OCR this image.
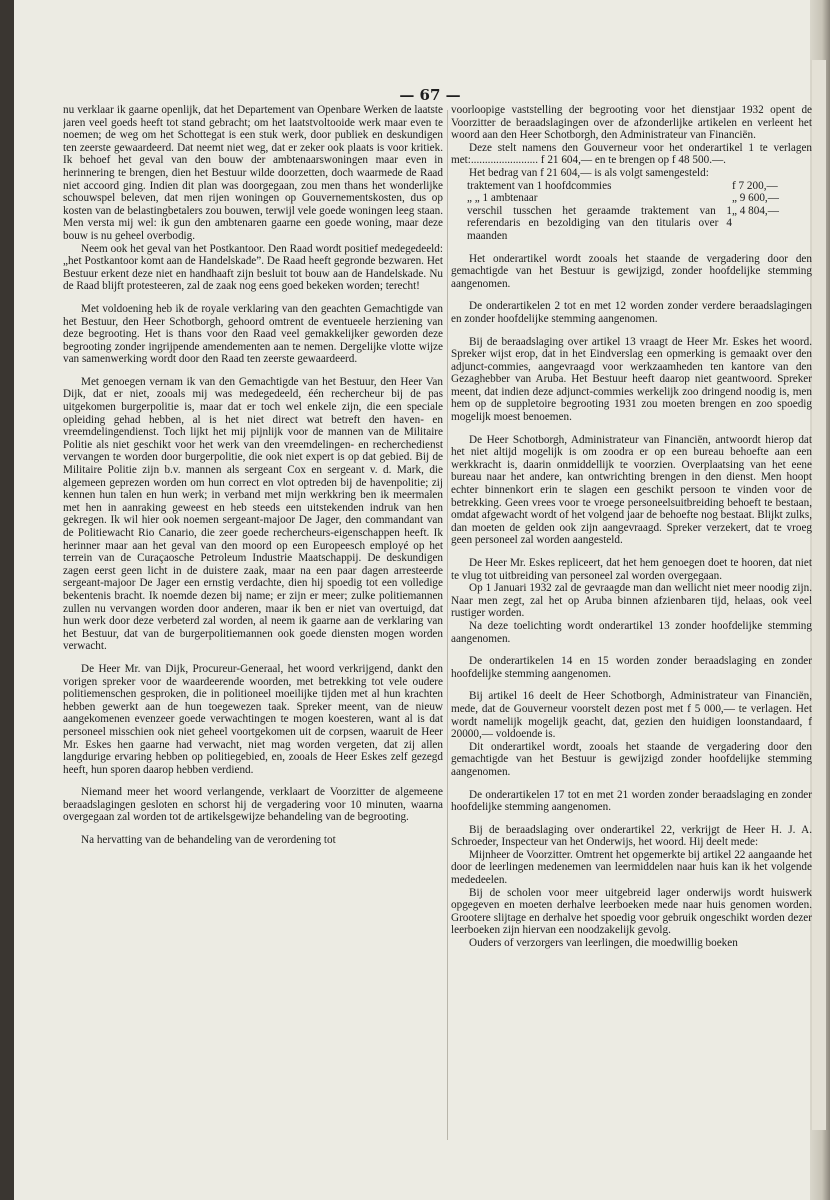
— 67 —

nu verklaar ik gaarne openlijk, dat het Departement van Openbare Werken de laatste jaren veel goeds heeft tot stand gebracht; om het laatstvoltooide werk maar even te noemen; de weg om het Schottegat is een stuk werk, door publiek en deskundigen ten zeerste gewaardeerd. Dat neemt niet weg, dat er zeker ook plaats is voor kritiek. Ik behoef het geval van den bouw der ambtenaarswoningen maar even in herinnering te brengen, dien het Bestuur wilde doorzetten, doch waarmede de Raad niet accoord ging. Indien dit plan was doorgegaan, zou men thans het wonderlijke schouwspel beleven, dat men rijen woningen op Gouvernementskosten, dus op kosten van de belastingbetalers zou bouwen, terwijl vele goede woningen leeg staan. Men versta mij wel: ik gun den ambtenaren gaarne een goede woning, maar deze bouw is nu geheel overbodig.

Neem ook het geval van het Postkantoor. Den Raad wordt positief medegedeeld: „het Postkantoor komt aan de Handelskade”. De Raad heeft gegronde bezwaren. Het Bestuur erkent deze niet en handhaaft zijn besluit tot bouw aan de Handelskade. Nu de Raad blijft protesteeren, zal de zaak nog eens goed bekeken worden; terecht!

Met voldoening heb ik de royale verklaring van den geachten Gemachtigde van het Bestuur, den Heer Schotborgh, gehoord omtrent de eventueele herziening van deze begrooting. Het is thans voor den Raad veel gemakkelijker geworden deze begrooting zonder ingrijpende amendementen aan te nemen. Dergelijke vlotte wijze van samenwerking wordt door den Raad ten zeerste gewaardeerd.

Met genoegen vernam ik van den Gemachtigde van het Bestuur, den Heer Van Dijk, dat er niet, zooals mij was medegedeeld, één rechercheur bij de pas uitgekomen burgerpolitie is, maar dat er toch wel enkele zijn, die een speciale opleiding gehad hebben, al is het niet direct wat betreft den haven- en vreemdelingendienst. Toch lijkt het mij pijnlijk voor de mannen van de Militaire Politie als niet geschikt voor het werk van den vreemdelingen- en recherchedienst vervangen te worden door burgerpolitie, die ook niet expert is op dat gebied. Bij de Militaire Politie zijn b.v. mannen als sergeant Cox en sergeant v. d. Mark, die algemeen geprezen worden om hun correct en vlot optreden bij de havenpolitie; zij kennen hun talen en hun werk; in verband met mijn werkkring ben ik meermalen met hen in aanraking geweest en heb steeds een uitstekenden indruk van hen gekregen. Ik wil hier ook noemen sergeant-majoor De Jager, den commandant van de Politiewacht Rio Canario, die zeer goede rechercheurs-eigenschappen heeft. Ik herinner maar aan het geval van den moord op een Europeesch employé op het terrein van de Curaçaosche Petroleum Industrie Maatschappij. De deskundigen zagen eerst geen licht in de duistere zaak, maar na een paar dagen arresteerde sergeant-majoor De Jager een ernstig verdachte, dien hij spoedig tot een volledige bekentenis bracht. Ik noemde dezen bij name; er zijn er meer; zulke politiemannen zullen nu vervangen worden door anderen, maar ik ben er niet van overtuigd, dat hun werk door deze verbeterd zal worden, al neem ik gaarne aan de verklaring van het Bestuur, dat van de burgerpolitiemannen ook goede diensten mogen worden verwacht.

De Heer Mr. van Dijk, Procureur-Generaal, het woord verkrijgend, dankt den vorigen spreker voor de waardeerende woorden, met betrekking tot vele oudere politiemenschen gesproken, die in politioneel moeilijke tijden met al hun krachten hebben gewerkt aan de hun toegewezen taak. Spreker meent, van de nieuw aangekomenen evenzeer goede verwachtingen te mogen koesteren, want al is dat personeel misschien ook niet geheel voortgekomen uit de corpsen, waaruit de Heer Mr. Eskes hen gaarne had verwacht, niet mag worden vergeten, dat zij allen langdurige ervaring hebben op politiegebied, en, zooals de Heer Eskes zelf gezegd heeft, hun sporen daarop hebben verdiend.

Niemand meer het woord verlangende, verklaart de Voorzitter de algemeene beraadslagingen gesloten en schorst hij de vergadering voor 10 minuten, waarna overgegaan zal worden tot de artikelsgewijze behandeling van de begrooting.

Na hervatting van de behandeling van de verordening tot

voorloopige vaststelling der begrooting voor het dienstjaar 1932 opent de Voorzitter de beraadslagingen over de afzonderlijke artikelen en verleent het woord aan den Heer Schotborgh, den Administrateur van Financiën.

Deze stelt namens den Gouverneur voor het onderartikel 1 te verlagen met:........................ f 21 604,— en te brengen op f 48 500.—.

Het bedrag van f 21 604,— is als volgt samengesteld:

traktement van 1 hoofdcommies	f 7 200,—
„ „ 1 ambtenaar	„ 9 600,—
verschil tusschen het geraamde traktement van 1 referendaris en bezoldiging van den titularis over 4 maanden
„ 4 804,—

Het onderartikel wordt zooals het staande de vergadering door den gemachtigde van het Bestuur is gewijzigd, zonder hoofdelijke stemming aangenomen.

De onderartikelen 2 tot en met 12 worden zonder verdere beraadslagingen en zonder hoofdelijke stemming aangenomen.

Bij de beraadslaging over artikel 13 vraagt de Heer Mr. Eskes het woord. Spreker wijst erop, dat in het Eindverslag een opmerking is gemaakt over den adjunct-commies, aangevraagd voor werkzaamheden ten kantore van den Gezaghebber van Aruba. Het Bestuur heeft daarop niet geantwoord. Spreker meent, dat indien deze adjunct-commies werkelijk zoo dringend noodig is, men hem op de suppletoire begrooting 1931 zou moeten brengen en zoo spoedig mogelijk moest benoemen.

De Heer Schotborgh, Administrateur van Financiën, antwoordt hierop dat het niet altijd mogelijk is om zoodra er op een bureau behoefte aan een werkkracht is, daarin onmiddellijk te voorzien. Overplaatsing van het eene bureau naar het andere, kan ontwrichting brengen in den dienst. Men hoopt echter binnenkort erin te slagen een geschikt persoon te vinden voor de betrekking. Geen vrees voor te vroege personeelsuitbreiding behoeft te bestaan, omdat afgewacht wordt of het volgend jaar de behoefte nog bestaat. Blijkt zulks, dan moeten de gelden ook zijn aangevraagd. Spreker verzekert, dat te vroeg geen personeel zal worden aangesteld.

De Heer Mr. Eskes repliceert, dat het hem genoegen doet te hooren, dat niet te vlug tot uitbreiding van personeel zal worden overgegaan.

Op 1 Januari 1932 zal de gevraagde man dan wellicht niet meer noodig zijn. Naar men zegt, zal het op Aruba binnen afzienbaren tijd, helaas, ook veel rustiger worden.

Na deze toelichting wordt onderartikel 13 zonder hoofdelijke stemming aangenomen.

De onderartikelen 14 en 15 worden zonder beraadslaging en zonder hoofdelijke stemming aangenomen.

Bij artikel 16 deelt de Heer Schotborgh, Administrateur van Financiën, mede, dat de Gouverneur voorstelt dezen post met f 5 000,— te verlagen. Het wordt namelijk mogelijk geacht, dat, gezien den huidigen loonstandaard, f 20000,— voldoende is.

Dit onderartikel wordt, zooals het staande de vergadering door den gemachtigde van het Bestuur is gewijzigd zonder hoofdelijke stemming aangenomen.

De onderartikelen 17 tot en met 21 worden zonder beraadslaging en zonder hoofdelijke stemming aangenomen.

Bij de beraadslaging over onderartikel 22, verkrijgt de Heer H. J. A. Schroeder, Inspecteur van het Onderwijs, het woord. Hij deelt mede:

Mijnheer de Voorzitter. Omtrent het opgemerkte bij artikel 22 aangaande het door de leerlingen medenemen van leermiddelen naar huis kan ik het volgende mededeelen.

Bij de scholen voor meer uitgebreid lager onderwijs wordt huiswerk opgegeven en moeten derhalve leerboeken mede naar huis genomen worden. Grootere slijtage en derhalve het spoedig voor gebruik ongeschikt worden dezer leerboeken zijn hiervan een noodzakelijk gevolg.

Ouders of verzorgers van leerlingen, die moedwillig boeken
